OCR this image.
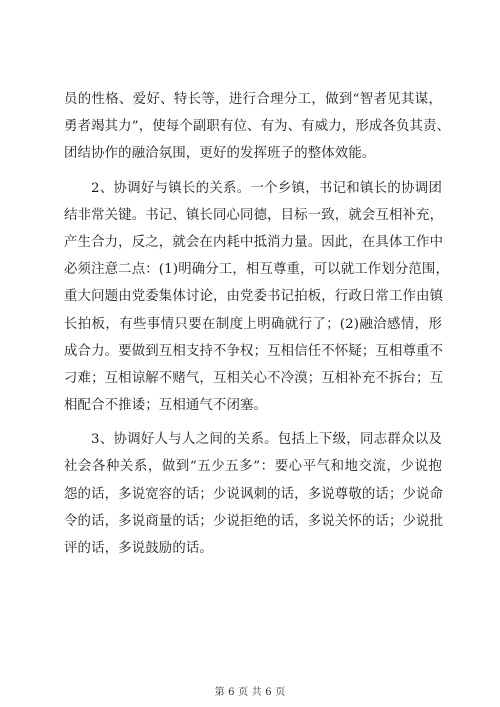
员的性格、爱好、特长等，进行合理分工，做到“智者见其谋，
勇者竭其力”，使每个副职有位、有为、有威力，形成各负其责、
团结协作的融洽氛围，更好的发挥班子的整体效能。
2、协调好与镇长的关系。一个乡镇，书记和镇长的协调团
结非常关键。书记、镇长同心同德，目标一致，就会互相补充，
产生合力，反之，就会在内耗中抵消力量。因此，在具体工作中
必须注意二点：(1)明确分工，相互尊重，可以就工作划分范围，
重大问题由党委集体讨论，由党委书记拍板，行政日常工作由镇
长拍板，有些事情只要在制度上明确就行了；(2)融洽感情，形
成合力。要做到互相支持不争权；互相信任不怀疑；互相尊重不
刁难；互相谅解不赌气，互相关心不冷漠；互相补充不拆台；互
相配合不推诿；互相通气不闭塞。
3、协调好人与人之间的关系。包括上下级，同志群众以及
社会各种关系，做到“五少五多”：要心平气和地交流，少说抱
怨的话，多说宽容的话；少说讽刺的话，多说尊敬的话；少说命
令的话，多说商量的话；少说拒绝的话，多说关怀的话；少说批
评的话，多说鼓励的话。
第 6 页 共 6 页
